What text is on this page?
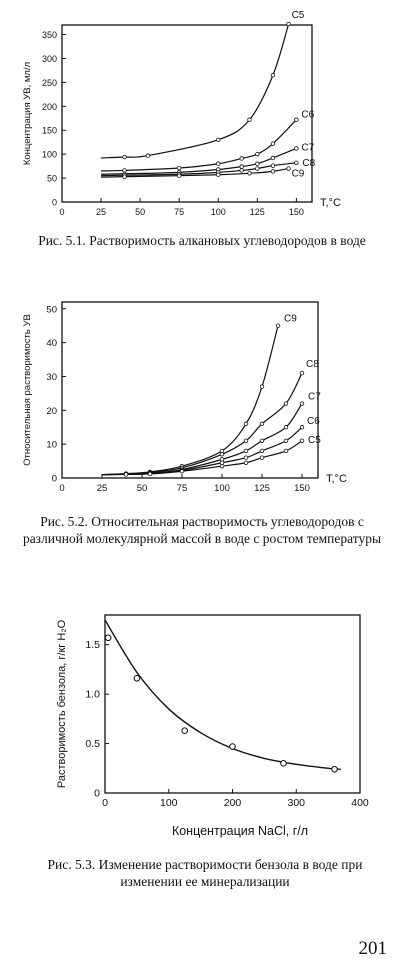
0	25	50	75	100	125	150
0
50
100
150
200
250
300
350
T,°C
Концентрация УВ, мл/л
C5
C6
C7
C8
C9
0	25	50	75	100	125	150
0
10
20
30
40
50
T,°C
Относительная растворимость УВ	C9
C8
C7
C6
C5
0	100	200	300	400
0
0.5
1.0
1.5
Концентрация NaCl, г/л
Растворимость бензола, г/кг H₂O
Рис. 5.1. Растворимость алкановых углеводородов в воде
Рис. 5.2. Относительная растворимость углеводородов с различной молекулярной массой в воде с ростом температуры
Рис. 5.3. Изменение растворимости бензола в воде при изменении ее минерализации
201
